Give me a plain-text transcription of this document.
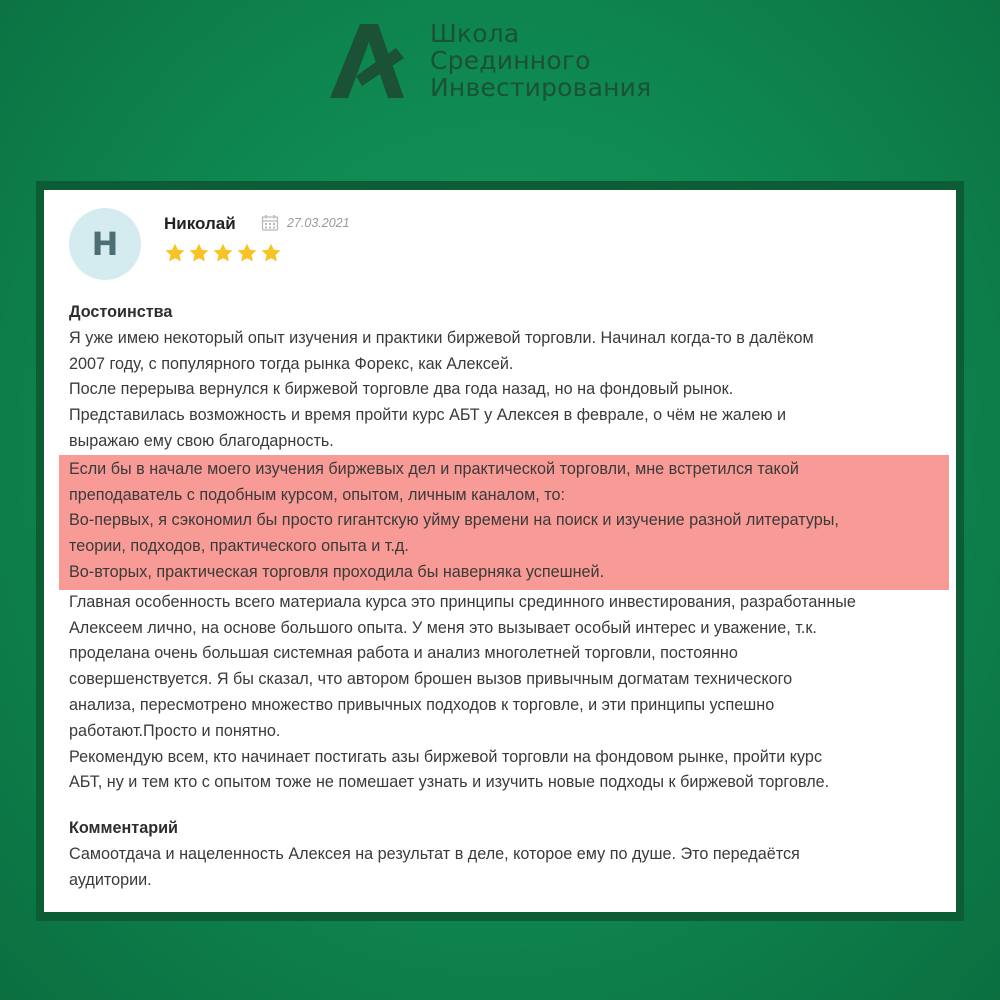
Школа
Срединного
Инвестирования
Н
Николай	27.03.2021

Достоинства

Я уже имею некоторый опыт изучения и практики биржевой торговли. Начинал когда-то в далёком

2007 году, с популярного тогда рынка Форекс, как Алексей.

После перерыва вернулся к биржевой торговле два года назад, но на фондовый рынок.

Представилась возможность и время пройти курс АБТ у Алексея в феврале, о чём не жалею и

выражаю ему свою благодарность.

Если бы в начале моего изучения биржевых дел и практической торговли, мне встретился такой

преподаватель с подобным курсом, опытом, личным каналом, то:

Во-первых, я сэкономил бы просто гигантскую уйму времени на поиск и изучение разной литературы,

теории, подходов, практического опыта и т.д.

Во-вторых, практическая торговля проходила бы наверняка успешней.

Главная особенность всего материала курса это принципы срединного инвестирования, разработанные

Алексеем лично, на основе большого опыта. У меня это вызывает особый интерес и уважение, т.к.

проделана очень большая системная работа и анализ многолетней торговли, постоянно

совершенствуется. Я бы сказал, что автором брошен вызов привычным догматам технического

анализа, пересмотрено множество привычных подходов к торговле, и эти принципы успешно

работают.Просто и понятно.

Рекомендую всем, кто начинает постигать азы биржевой торговли на фондовом рынке, пройти курс

АБТ, ну и тем кто с опытом тоже не помешает узнать и изучить новые подходы к биржевой торговле.

Комментарий

Самоотдача и нацеленность Алексея на результат в деле, которое ему по душе. Это передаётся

аудитории.
